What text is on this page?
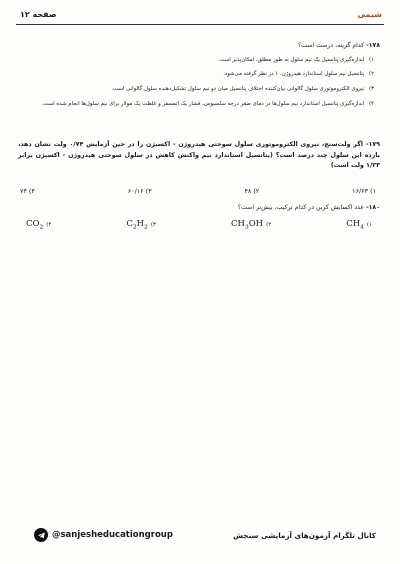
شیمی
صفحه ۱۲
۱۷۸- کدام گزینه، درست است؟
۱) اندازه‌گیری پتانسیل یک نیم سلول به طور مطلق، امکان‌پذیر است.
۲) پتانسیل نیم سلول استاندارد هیدروژن، ۱ در نظر گرفته می‌شود.
۳) نیروی الکتروموتوری سلول گالوانی بیان‌کننده اختلاف پتانسیل میان دو نیم سلول تشکیل‌دهنده سلول گالوانی است.
۴) اندازه‌گیری پتانسیل استاندارد نیم سلول‌ها در دمای صفر درجه سلسیوس، فشار یک اتمسفر و غلظت یک مولار برای نیم سلول‌ها انجام شده است.
۱۷۹- اگر ولت‌سنج، نیروی الکتروموتوری سلول سوختی هیدروژن - اکسیژن را در حین آزمایش ۰/۷۴ ولت نشان دهد، بازده این سلول چند درصد است؟ (پتانسیل استاندارد نیم واکنش کاهش در سلول سوختی هیدروژن - اکسیژن برابر ۱/۲۳ ولت است)
۱) ۱۶/۶۳
۲) ۴۸
۳) ۶۰/۱۶
۴) ۷۴
۱۸۰- عدد اکسایش کربن در کدام ترکیب، بیش‌تر است؟
$CO_2$ (۴	$C_2H_2$ (۳	$CH_3OH$ (۲	$CH_4$ (۱
@sanjesheducationgroup	کانال تلگرام آزمون‌های آزمایشی سنجش
